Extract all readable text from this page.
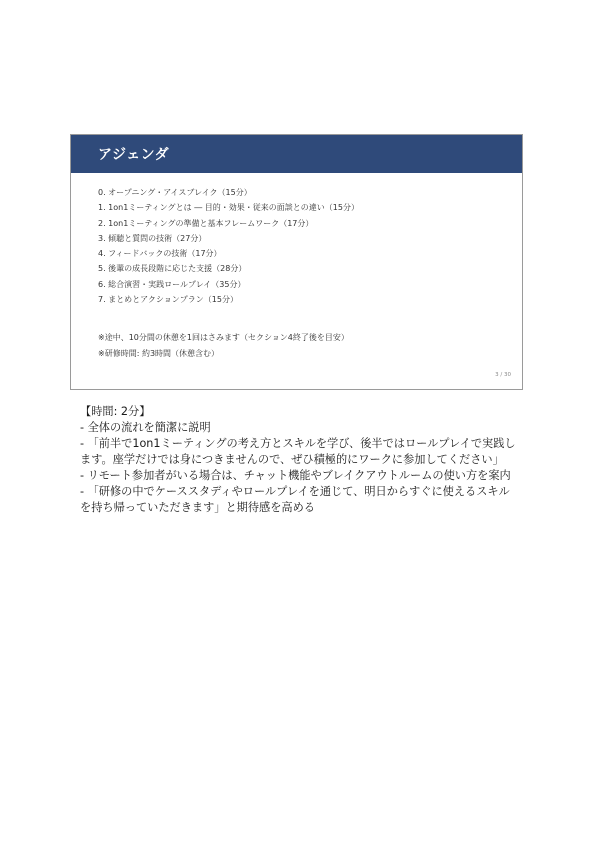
アジェンダ
0. オープニング・アイスブレイク（15分）
1. 1on1ミーティングとは ― 目的・効果・従来の面談との違い（15分）
2. 1on1ミーティングの準備と基本フレームワーク（17分）
3. 傾聴と質問の技術（27分）
4. フィードバックの技術（17分）
5. 後輩の成長段階に応じた支援（28分）
6. 総合演習・実践ロールプレイ（35分）
7. まとめとアクションプラン（15分）
※途中、10分間の休憩を1回はさみます（セクション4終了後を目安）
※研修時間: 約3時間（休憩含む）
3 / 30
【時間: 2分】
- 全体の流れを簡潔に説明
- 「前半で1on1ミーティングの考え方とスキルを学び、後半ではロールプレイで実践します。座学だけでは身につきませんので、ぜひ積極的にワークに参加してください」
- リモート参加者がいる場合は、チャット機能やブレイクアウトルームの使い方を案内
- 「研修の中でケーススタディやロールプレイを通じて、明日からすぐに使えるスキルを持ち帰っていただきます」と期待感を高める
